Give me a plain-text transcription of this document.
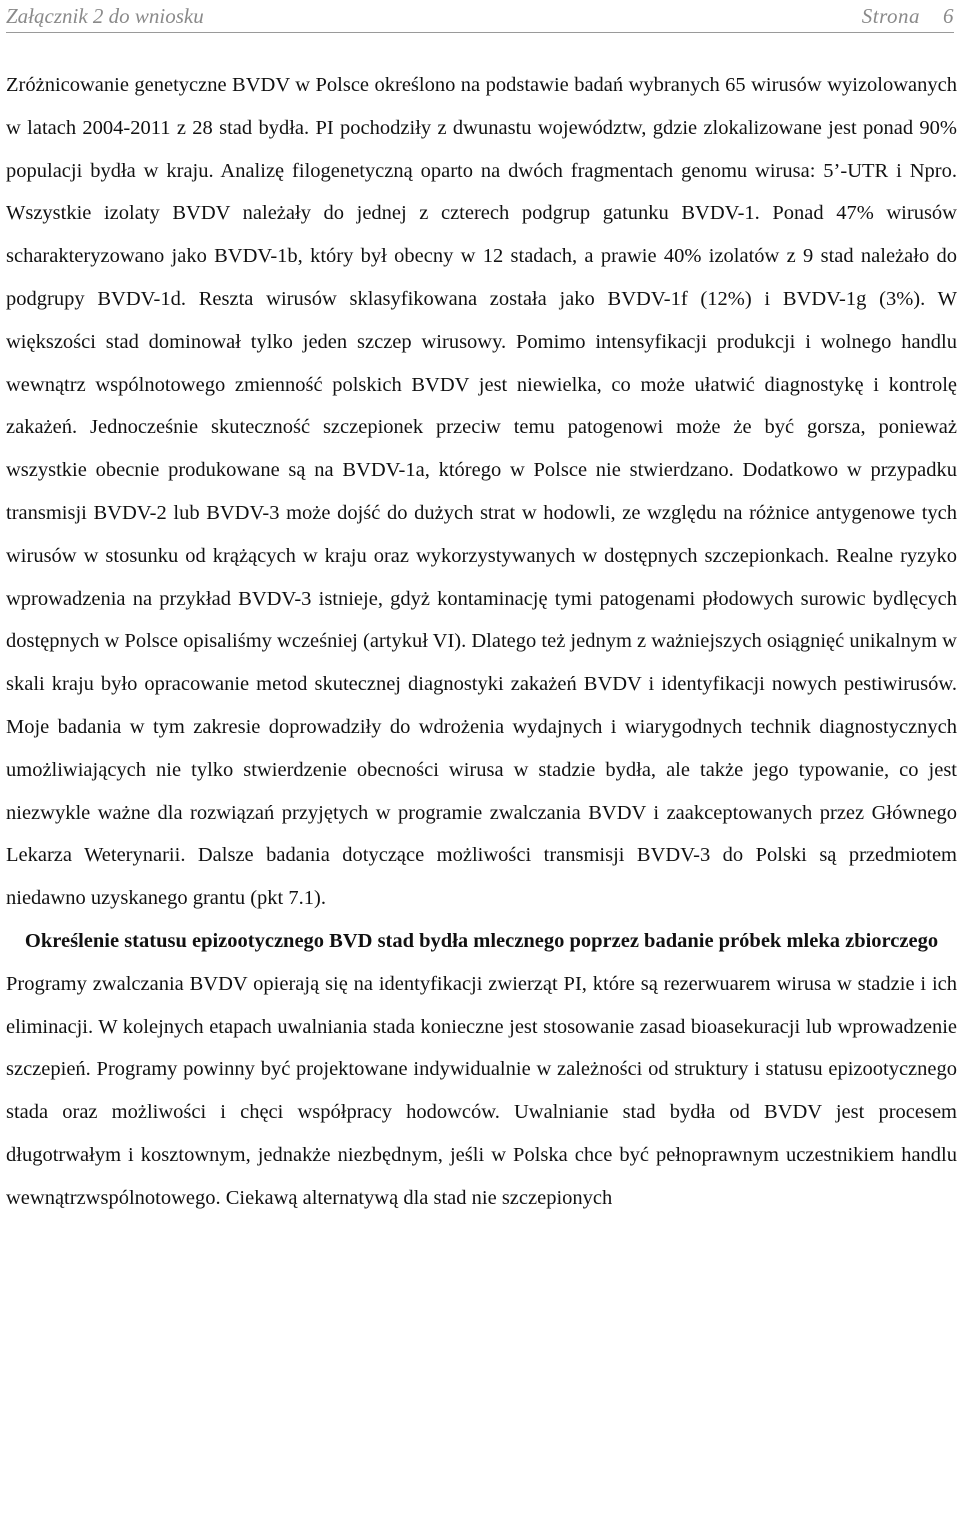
Załącznik 2 do wniosku	Strona 6

Zróżnicowanie genetyczne BVDV w Polsce określono na podstawie badań wybranych 65 wirusów wyizolowanych w latach 2004-2011 z 28 stad bydła. PI pochodziły z dwunastu województw, gdzie zlokalizowane jest ponad 90% populacji bydła w kraju. Analizę filogenetyczną oparto na dwóch fragmentach genomu wirusa: 5’-UTR i Npro. Wszystkie izolaty BVDV należały do jednej z czterech podgrup gatunku BVDV-1. Ponad 47% wirusów scharakteryzowano jako BVDV-1b, który był obecny w 12 stadach, a prawie 40% izolatów z 9 stad należało do podgrupy BVDV-1d. Reszta wirusów sklasyfikowana została jako BVDV-1f (12%) i BVDV-1g (3%). W większości stad dominował tylko jeden szczep wirusowy. Pomimo intensyfikacji produkcji i wolnego handlu wewnątrz wspólnotowego zmienność polskich BVDV jest niewielka, co może ułatwić diagnostykę i kontrolę zakażeń. Jednocześnie skuteczność szczepionek przeciw temu patogenowi może że być gorsza, ponieważ wszystkie obecnie produkowane są na BVDV-1a, którego w Polsce nie stwierdzano. Dodatkowo w przypadku transmisji BVDV-2 lub BVDV-3 może dojść do dużych strat w hodowli, ze względu na różnice antygenowe tych wirusów w stosunku od krążących w kraju oraz wykorzystywanych w dostępnych szczepionkach. Realne ryzyko wprowadzenia na przykład BVDV-3 istnieje, gdyż kontaminację tymi patogenami płodowych surowic bydlęcych dostępnych w Polsce opisaliśmy wcześniej (artykuł VI). Dlatego też jednym z ważniejszych osiągnięć unikalnym w skali kraju było opracowanie metod skutecznej diagnostyki zakażeń BVDV i identyfikacji nowych pestiwirusów. Moje badania w tym zakresie doprowadziły do wdrożenia wydajnych i wiarygodnych technik diagnostycznych umożliwiających nie tylko stwierdzenie obecności wirusa w stadzie bydła, ale także jego typowanie, co jest niezwykle ważne dla rozwiązań przyjętych w programie zwalczania BVDV i zaakceptowanych przez Głównego Lekarza Weterynarii. Dalsze badania dotyczące możliwości transmisji BVDV-3 do Polski są przedmiotem niedawno uzyskanego grantu (pkt 7.1).

Określenie statusu epizootycznego BVD stad bydła mlecznego poprzez badanie próbek mleka zbiorczego

Programy zwalczania BVDV opierają się na identyfikacji zwierząt PI, które są rezerwuarem wirusa w stadzie i ich eliminacji. W kolejnych etapach uwalniania stada konieczne jest stosowanie zasad bioasekuracji lub wprowadzenie szczepień. Programy powinny być projektowane indywidualnie w zależności od struktury i statusu epizootycznego stada oraz możliwości i chęci współpracy hodowców. Uwalnianie stad bydła od BVDV jest procesem długotrwałym i kosztownym, jednakże niezbędnym, jeśli w Polska chce być pełnoprawnym uczestnikiem handlu wewnątrzwspólnotowego. Ciekawą alternatywą dla stad nie szczepionych
